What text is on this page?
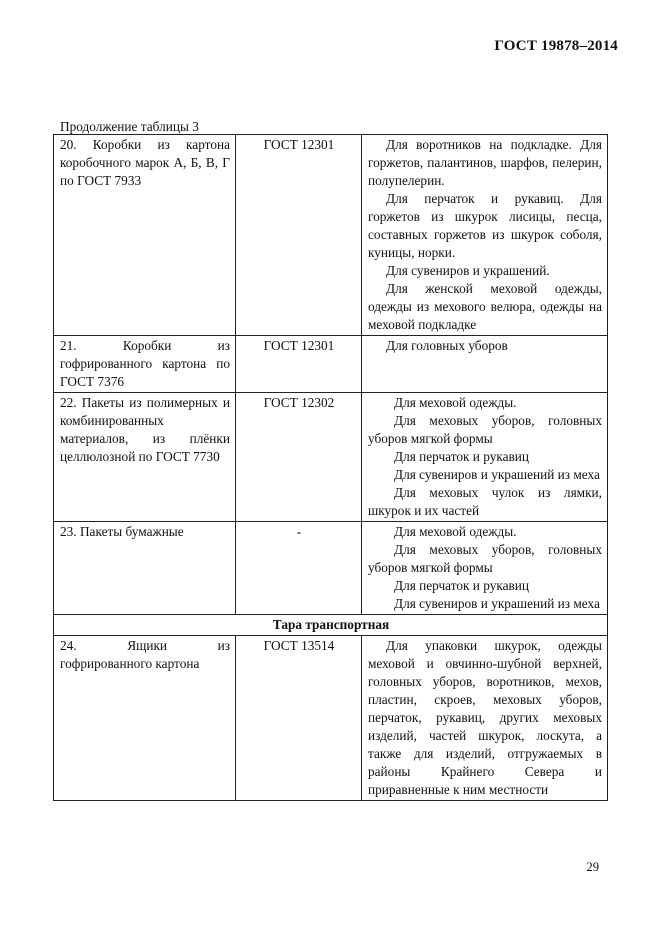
ГОСТ 19878–2014
Продолжение таблицы 3
20. Коробки из картона коробочного марок А, Б, В, Г по ГОСТ 7933	ГОСТ 12301	Для воротников на подкладке. Для горжетов, палантинов, шарфов, пелерин, полупелерин.

Для перчаток и рукавиц. Для горжетов из шкурок лисицы, песца, составных горжетов из шкурок соболя, куницы, норки.

Для сувениров и украшений.

Для женской меховой одежды, одежды из мехового велюра, одежды на меховой подкладке

21. Коробки из гофрированного картона по ГОСТ 7376	ГОСТ 12301	Для головных уборов

22. Пакеты из полимерных и комбинированных материалов, из плёнки целлюлозной по ГОСТ 7730	ГОСТ 12302	Для меховой одежды.

Для меховых уборов, головных уборов мягкой формы

Для перчаток и рукавиц

Для сувениров и украшений из меха

Для меховых чулок из лямки, шкурок и их частей

23. Пакеты бумажные	-	Для меховой одежды.

Для меховых уборов, головных уборов мягкой формы

Для перчаток и рукавиц

Для сувениров и украшений из меха

Тара транспортная		
24. Ящики из гофрированного картона	ГОСТ 13514	Для упаковки шкурок, одежды меховой и овчинно-шубной верхней, головных уборов, воротников, мехов, пластин, скроев, меховых уборов, перчаток, рукавиц, других меховых изделий, частей шкурок, лоскута, а также для изделий, отгружаемых в районы Крайнего Севера и приравненные к ним местности

29
